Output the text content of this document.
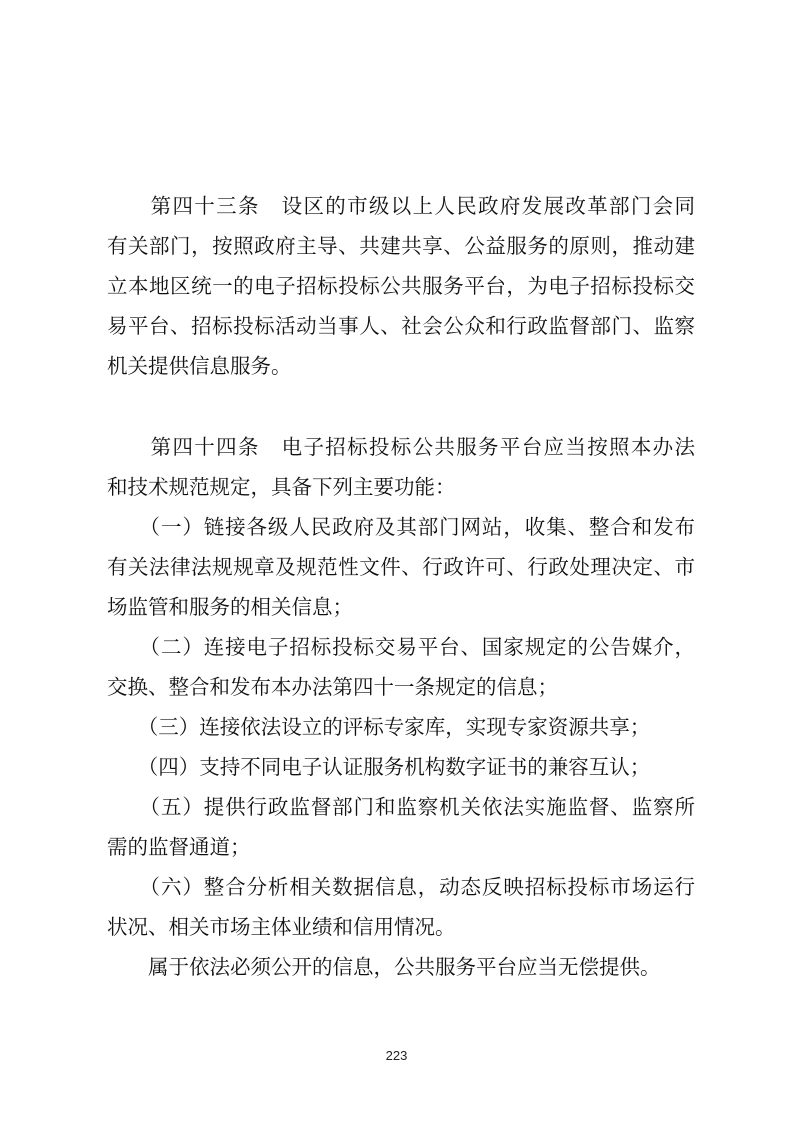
　　第四十三条　设区的市级以上人民政府发展改革部门会同
有关部门，按照政府主导、共建共享、公益服务的原则，推动建
立本地区统一的电子招标投标公共服务平台，为电子招标投标交
易平台、招标投标活动当事人、社会公众和行政监督部门、监察
机关提供信息服务。
　　第四十四条　电子招标投标公共服务平台应当按照本办法
和技术规范规定，具备下列主要功能：
　　（一）链接各级人民政府及其部门网站，收集、整合和发布
有关法律法规规章及规范性文件、行政许可、行政处理决定、市
场监管和服务的相关信息；
　　（二）连接电子招标投标交易平台、国家规定的公告媒介，
交换、整合和发布本办法第四十一条规定的信息；
　　（三）连接依法设立的评标专家库，实现专家资源共享；
　　（四）支持不同电子认证服务机构数字证书的兼容互认；
　　（五）提供行政监督部门和监察机关依法实施监督、监察所
需的监督通道；
　　（六）整合分析相关数据信息，动态反映招标投标市场运行
状况、相关市场主体业绩和信用情况。
　　属于依法必须公开的信息，公共服务平台应当无偿提供。
223
